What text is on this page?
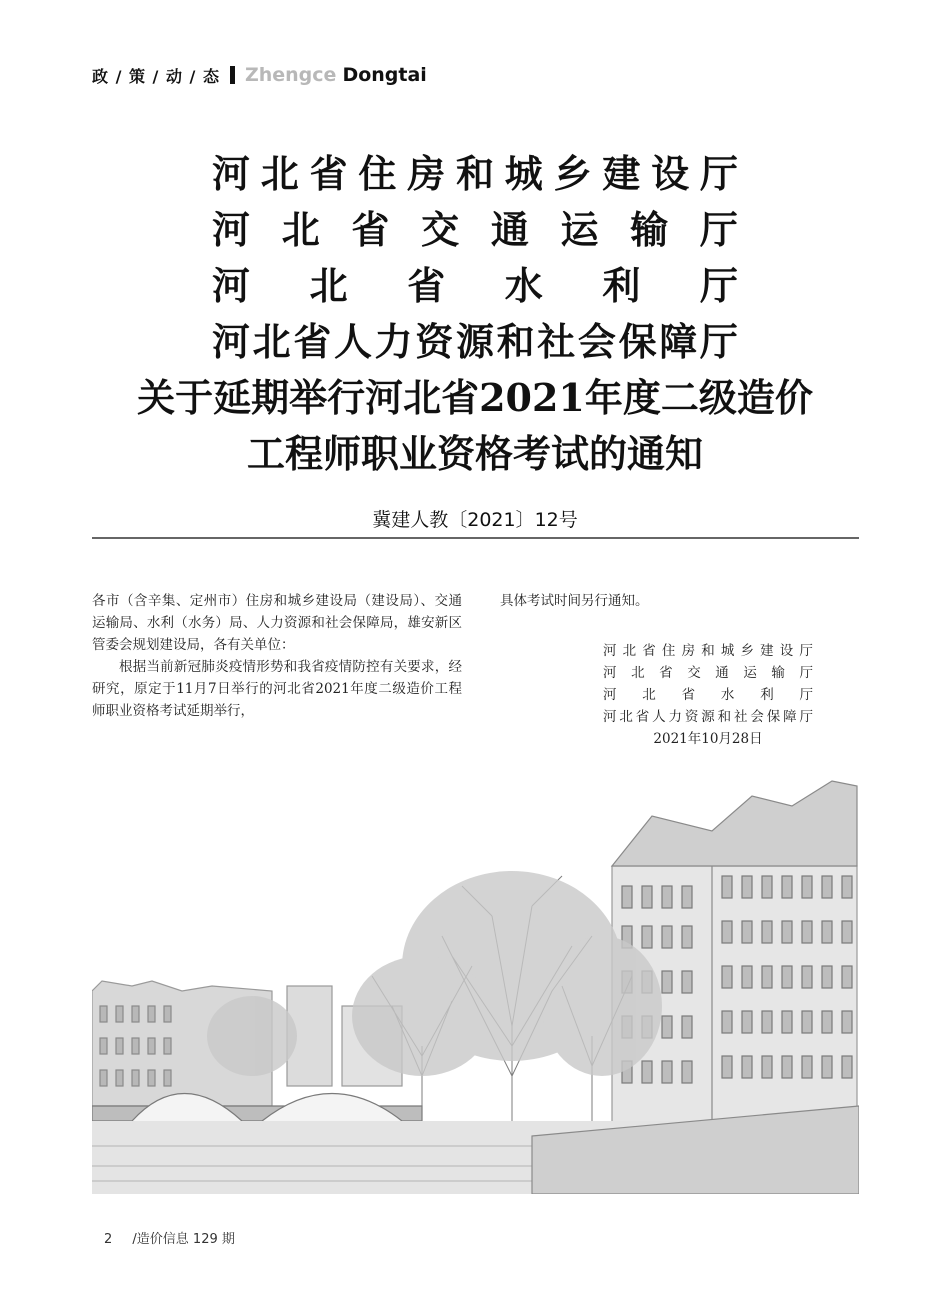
政 / 策 / 动 / 态 Zhengce Dongtai
河 北 省 住 房 和 城 乡 建 设 厅
河 北 省 交 通 运 输 厅
河 北 省 水 利 厅
河 北 省 人 力 资 源 和 社 会 保 障 厅
关于延期举行河北省2021年度二级造价
工程师职业资格考试的通知
冀建人教〔2021〕12号

各市（含辛集、定州市）住房和城乡建设局（建设局）、交通运输局、水利（水务）局、人力资源和社会保障局，雄安新区管委会规划建设局，各有关单位：

根据当前新冠肺炎疫情形势和我省疫情防控有关要求，经研究，原定于11月7日举行的河北省2021年度二级造价工程师职业资格考试延期举行，

具体考试时间另行通知。

河 北 省 住 房 和 城 乡 建 设 厅
河 北 省 交 通 运 输 厅
河 北 省 水 利 厅
河 北 省 人 力 资 源 和 社 会 保 障 厅
2021年10月28日
2 /造价信息 129 期
